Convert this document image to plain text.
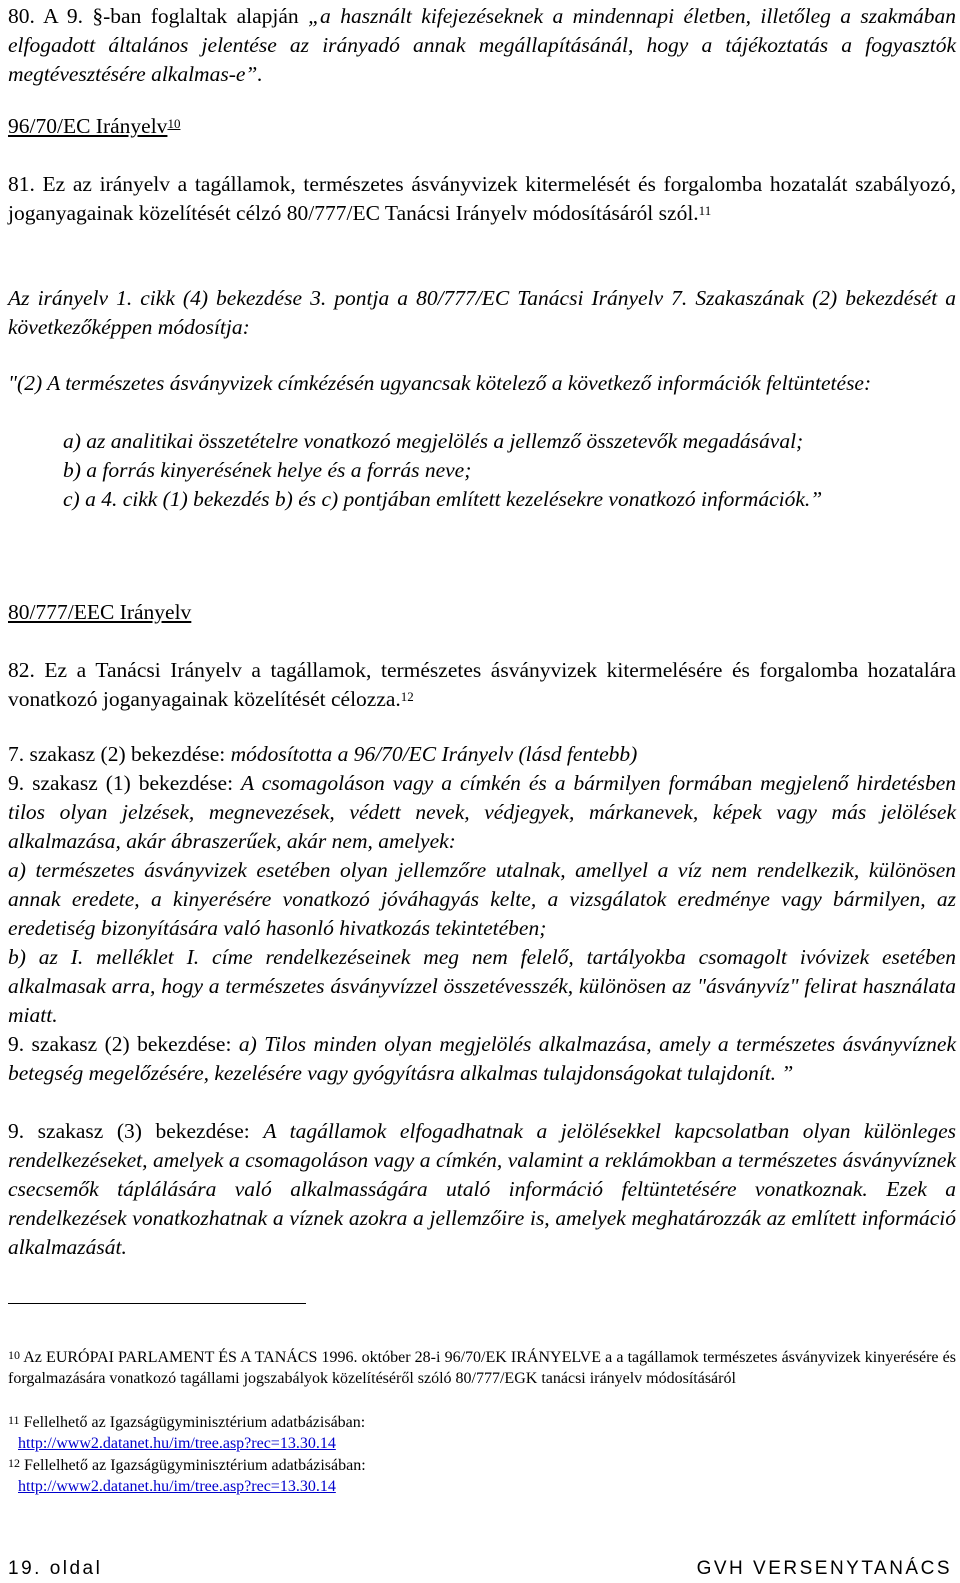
80. A 9. §-ban foglaltak alapján „a használt kifejezéseknek a mindennapi életben, illetőleg a szakmában elfogadott általános jelentése az irányadó annak megállapításánál, hogy a tájékoztatás a fogyasztók megtévesztésére alkalmas-e”.

96/70/EC Irányelv$^{10}$

81. Ez az irányelv a tagállamok, természetes ásványvizek kitermelését és forgalomba hozatalát szabályozó, joganyagainak közelítését célzó 80/777/EC Tanácsi Irányelv módosításáról szól.$^{11}$

Az irányelv 1. cikk (4) bekezdése 3. pontja a 80/777/EC Tanácsi Irányelv 7. Szakaszának (2) bekezdését a következőképpen módosítja:

"(2) A természetes ásványvizek címkézésén ugyancsak kötelező a következő információk feltüntetése:

a) az analitikai összetételre vonatkozó megjelölés a jellemző összetevők megadásával;

b) a forrás kinyerésének helye és a forrás neve;

c) a 4. cikk (1) bekezdés b) és c) pontjában említett kezelésekre vonatkozó információk.”

80/777/EEC Irányelv

82. Ez a Tanácsi Irányelv a tagállamok, természetes ásványvizek kitermelésére és forgalomba hozatalára vonatkozó joganyagainak közelítését célozza.$^{12}$

7. szakasz (2) bekezdése: módosította a 96/70/EC Irányelv (lásd fentebb)

9. szakasz (1) bekezdése: A csomagoláson vagy a címkén és a bármilyen formában megjelenő hirdetésben tilos olyan jelzések, megnevezések, védett nevek, védjegyek, márkanevek, képek vagy más jelölések alkalmazása, akár ábraszerűek, akár nem, amelyek:

a) természetes ásványvizek esetében olyan jellemzőre utalnak, amellyel a víz nem rendelkezik, különösen annak eredete, a kinyerésére vonatkozó jóváhagyás kelte, a vizsgálatok eredménye vagy bármilyen, az eredetiség bizonyítására való hasonló hivatkozás tekintetében;

b) az I. melléklet I. címe rendelkezéseinek meg nem felelő, tartályokba csomagolt ivóvizek esetében alkalmasak arra, hogy a természetes ásványvízzel összetévesszék, különösen az "ásványvíz" felirat használata miatt.

9. szakasz (2) bekezdése: a) Tilos minden olyan megjelölés alkalmazása, amely a természetes ásványvíznek betegség megelőzésére, kezelésére vagy gyógyításra alkalmas tulajdonságokat tulajdonít. ”

9. szakasz (3) bekezdése: A tagállamok elfogadhatnak a jelölésekkel kapcsolatban olyan különleges rendelkezéseket, amelyek a csomagoláson vagy a címkén, valamint a reklámokban a természetes ásványvíznek csecsemők táplálására való alkalmasságára utaló információ feltüntetésére vonatkoznak. Ezek a rendelkezések vonatkozhatnak a víznek azokra a jellemzőire is, amelyek meghatározzák az említett információ alkalmazását.

$^{10}$ Az EURÓPAI PARLAMENT ÉS A TANÁCS 1996. október 28-i 96/70/EK IRÁNYELVE a a tagállamok természetes ásványvizek kinyerésére és forgalmazására vonatkozó tagállami jogszabályok közelítéséről szóló 80/777/EGK tanácsi irányelv módosításáról

$^{11}$ Fellelhető az Igazságügyminisztérium adatbázisában:
http://www2.datanet.hu/im/tree.asp?rec=13.30.14

$^{12}$ Fellelhető az Igazságügyminisztérium adatbázisában:
http://www2.datanet.hu/im/tree.asp?rec=13.30.14

19. oldal	GVH VERSENYTANÁCS
